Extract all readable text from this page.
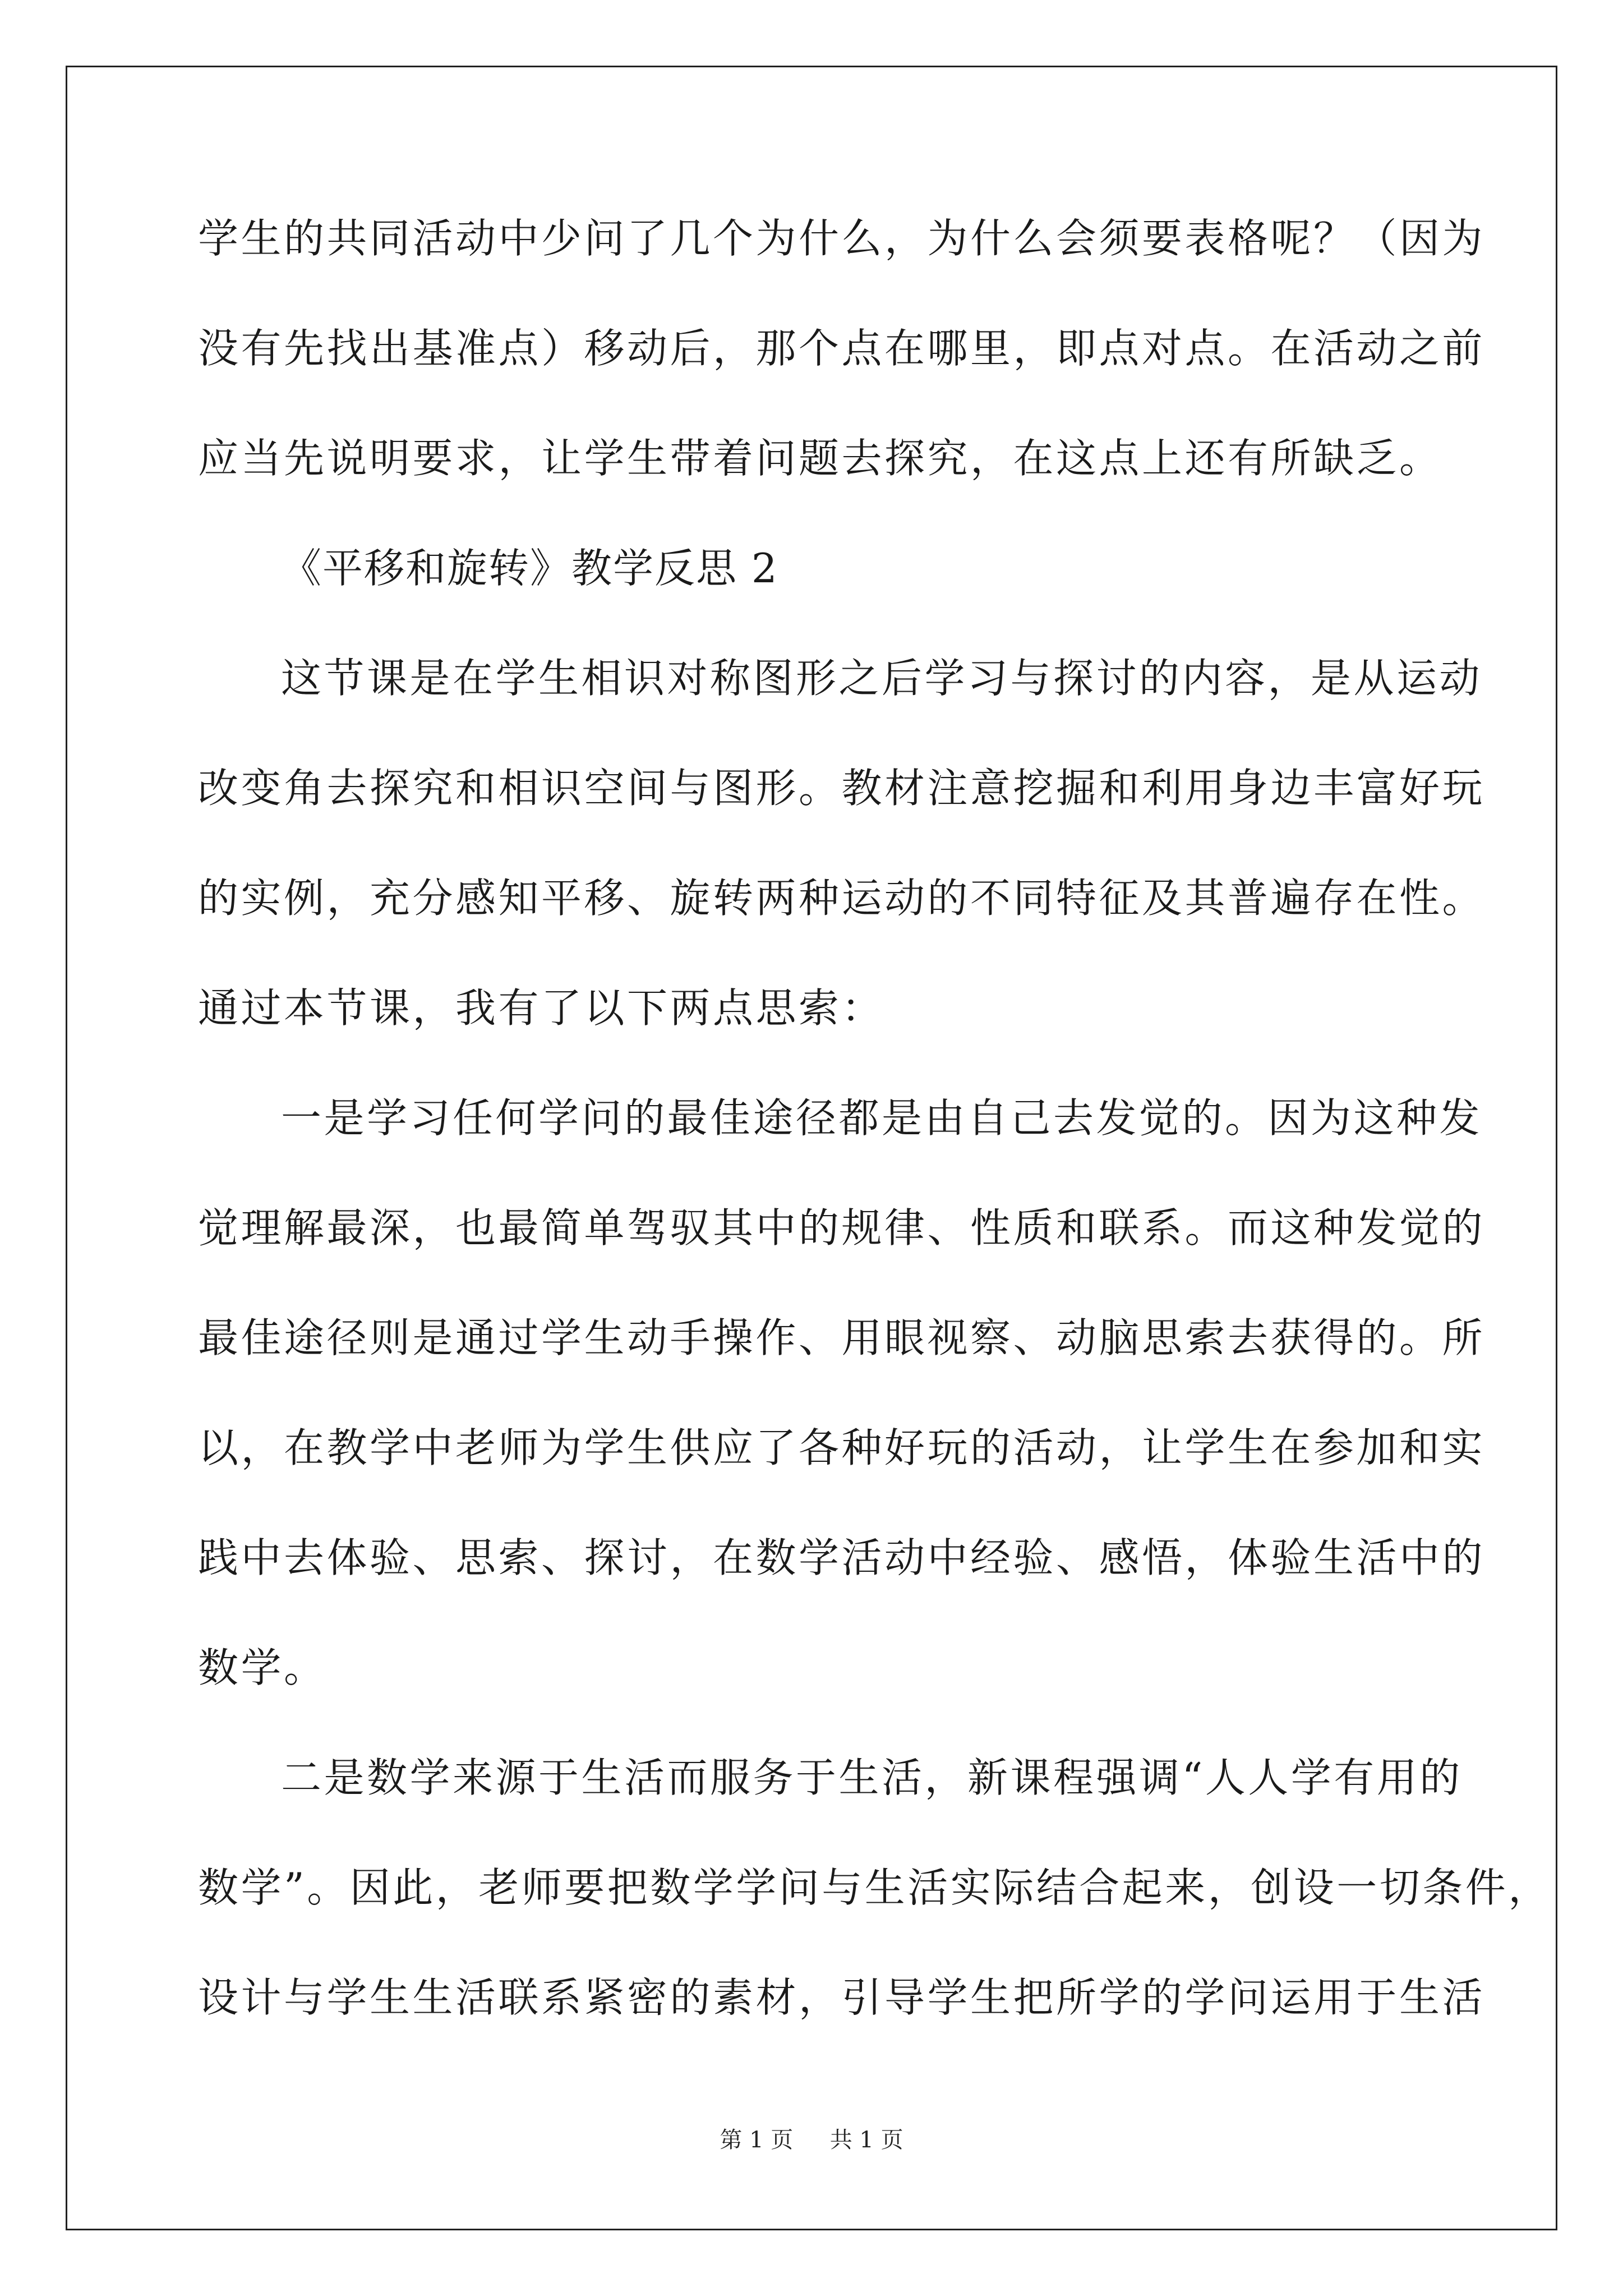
学生的共同活动中少问了几个为什么，为什么会须要表格呢？（因为
没有先找出基准点）移动后，那个点在哪里，即点对点。在活动之前
应当先说明要求，让学生带着问题去探究，在这点上还有所缺乏。
《平移和旋转》教学反思 2
这节课是在学生相识对称图形之后学习与探讨的内容，是从运动
改变角去探究和相识空间与图形。教材注意挖掘和利用身边丰富好玩
的实例，充分感知平移、旋转两种运动的不同特征及其普遍存在性。
通过本节课，我有了以下两点思索：
一是学习任何学问的最佳途径都是由自己去发觉的。因为这种发
觉理解最深，也最简单驾驭其中的规律、性质和联系。而这种发觉的
最佳途径则是通过学生动手操作、用眼视察、动脑思索去获得的。所
以，在教学中老师为学生供应了各种好玩的活动，让学生在参加和实
践中去体验、思索、探讨，在数学活动中经验、感悟，体验生活中的
数学。
二是数学来源于生活而服务于生活，新课程强调“人人学有用的
数学”。因此，老师要把数学学问与生活实际结合起来，创设一切条件，
设计与学生生活联系紧密的素材，引导学生把所学的学问运用于生活
第 1 页 共 1 页
